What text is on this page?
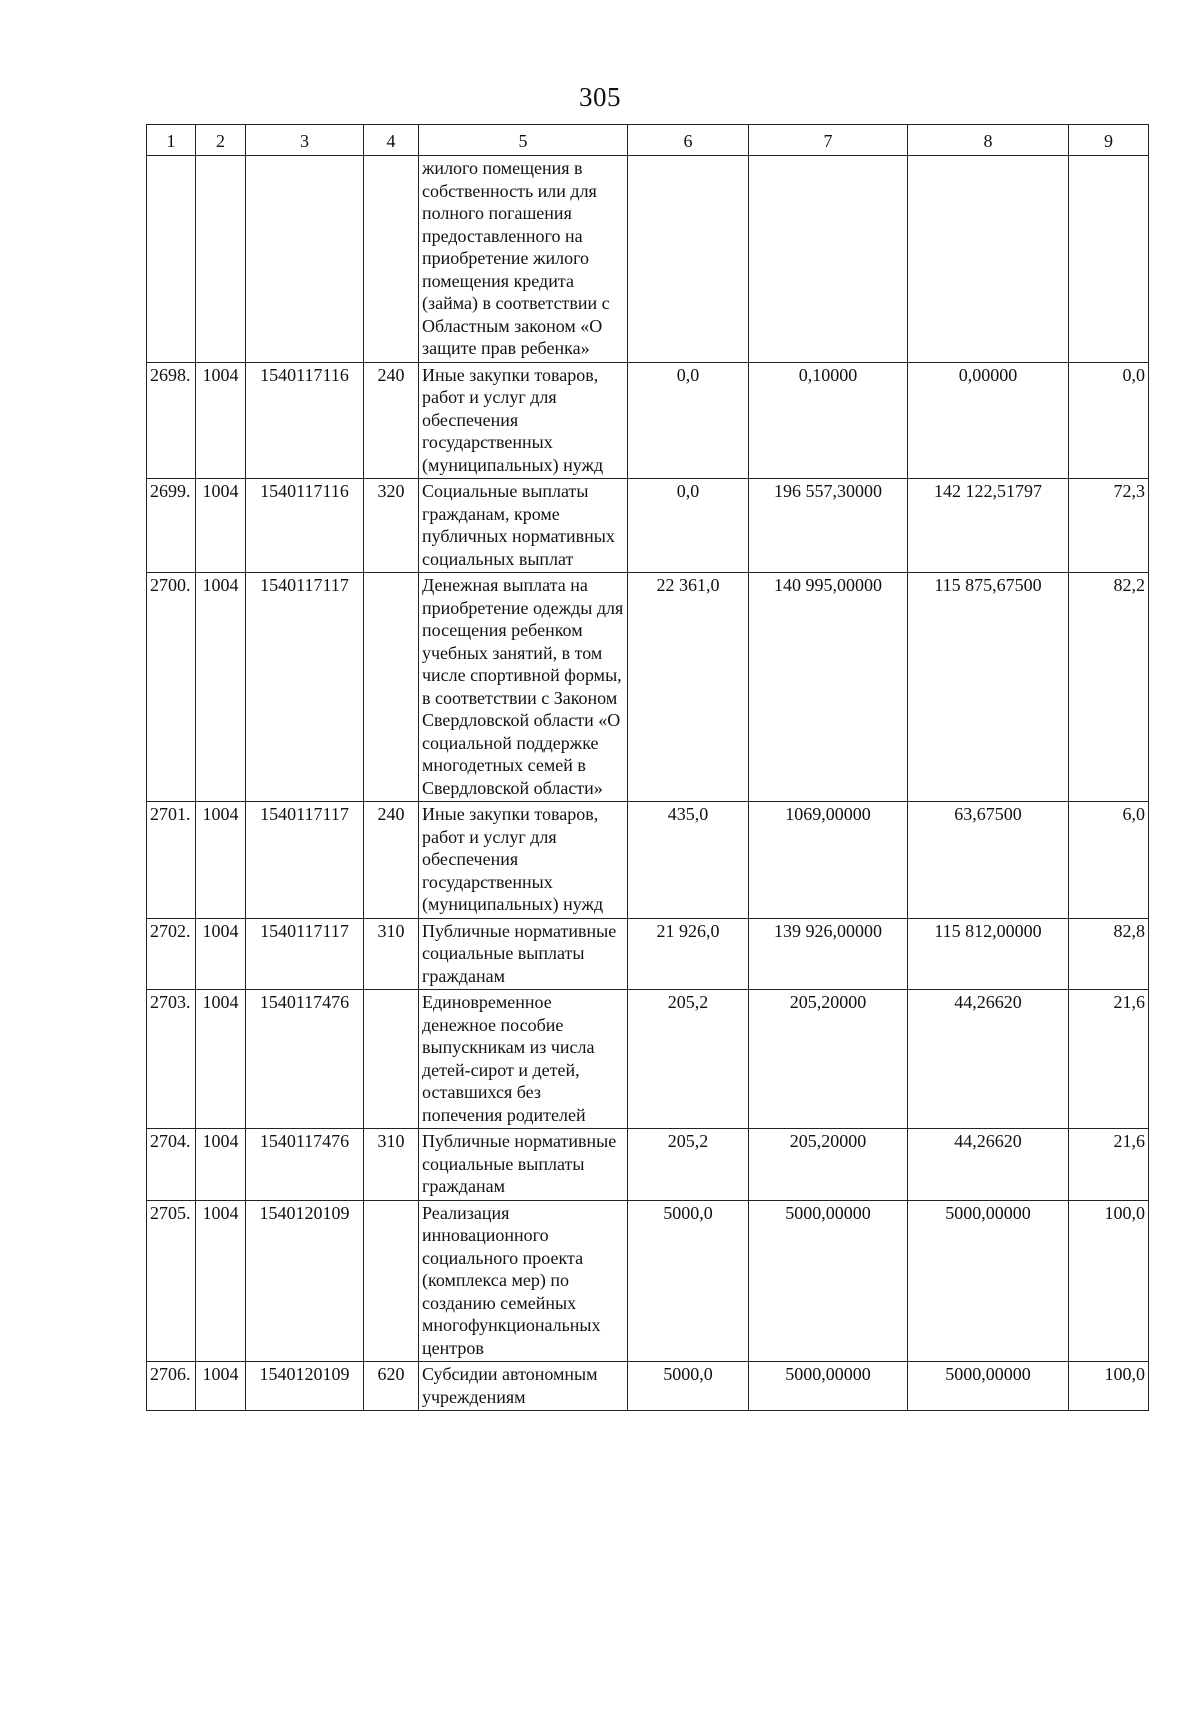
305
1	2	3	4	5	6	7	8	9
				жилого помещения в собственность или для полного погашения предоставленного на приобретение жилого помещения кредита (займа) в соответствии с Областным законом «О защите прав ребенка»				
2698.	1004	1540117116	240	Иные закупки товаров, работ и услуг для обеспечения государственных (муниципальных) нужд	0,0	0,10000	0,00000	0,0
2699.	1004	1540117116	320	Социальные выплаты гражданам, кроме публичных нормативных социальных выплат	0,0	196 557,30000	142 122,51797	72,3
2700.	1004	1540117117		Денежная выплата на приобретение одежды для посещения ребенком учебных занятий, в том числе спортивной формы, в соответствии с Законом Свердловской области «О социальной поддержке многодетных семей в Свердловской области»	22 361,0	140 995,00000	115 875,67500	82,2
2701.	1004	1540117117	240	Иные закупки товаров, работ и услуг для обеспечения государственных (муниципальных) нужд	435,0	1069,00000	63,67500	6,0
2702.	1004	1540117117	310	Публичные нормативные социальные выплаты гражданам	21 926,0	139 926,00000	115 812,00000	82,8
2703.	1004	1540117476		Единовременное денежное пособие выпускникам из числа детей-сирот и детей, оставшихся без попечения родителей	205,2	205,20000	44,26620	21,6
2704.	1004	1540117476	310	Публичные нормативные социальные выплаты гражданам	205,2	205,20000	44,26620	21,6
2705.	1004	1540120109		Реализация инновационного социального проекта (комплекса мер) по созданию семейных многофункциональных центров	5000,0	5000,00000	5000,00000	100,0
2706.	1004	1540120109	620	Субсидии автономным учреждениям	5000,0	5000,00000	5000,00000	100,0
